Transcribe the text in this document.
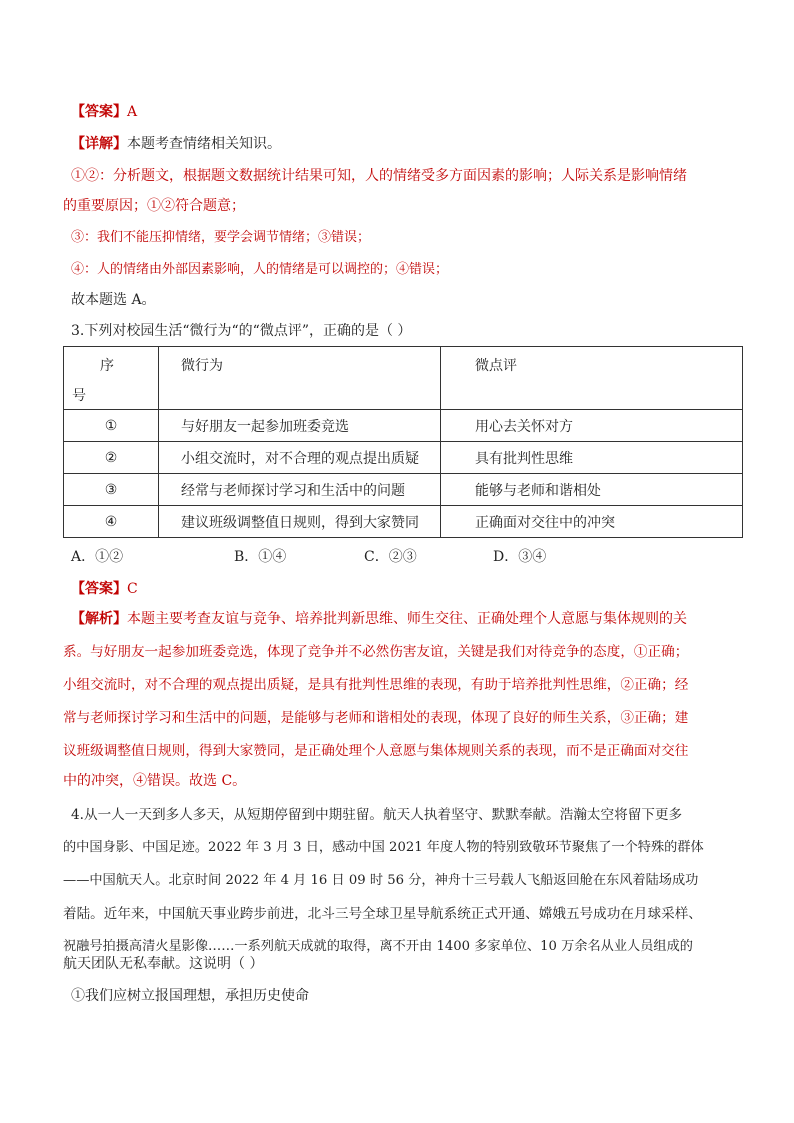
【答案】A
【详解】本题考查情绪相关知识。
①②：分析题文，根据题文数据统计结果可知，人的情绪受多方面因素的影响；人际关系是影响情绪
的重要原因；①②符合题意；
③：我们不能压抑情绪，要学会调节情绪；③错误；
④：人的情绪由外部因素影响，人的情绪是可以调控的；④错误；
故本题选 A。
3.下列对校园生活“微行为“的“微点评”，正确的是（ ）
序
号	微行为	微点评
①	与好朋友一起参加班委竞选	用心去关怀对方
②	小组交流时，对不合理的观点提出质疑	具有批判性思维
③	经常与老师探讨学习和生活中的问题	能够与老师和谐相处
④	建议班级调整值日规则，得到大家赞同	正确面对交往中的冲突
A．①②	B．①④	C．②③	D．③④
【答案】C
【解析】本题主要考查友谊与竞争、培养批判新思维、师生交往、正确处理个人意愿与集体规则的关
系。与好朋友一起参加班委竞选，体现了竞争并不必然伤害友谊，关键是我们对待竞争的态度，①正确；
小组交流时，对不合理的观点提出质疑，是具有批判性思维的表现，有助于培养批判性思维，②正确；经
常与老师探讨学习和生活中的问题，是能够与老师和谐相处的表现，体现了良好的师生关系，③正确；建
议班级调整值日规则，得到大家赞同，是正确处理个人意愿与集体规则关系的表现，而不是正确面对交往
中的冲突，④错误。故选 C。
4.从一人一天到多人多天，从短期停留到中期驻留。航天人执着坚守、默默奉献。浩瀚太空将留下更多
的中国身影、中国足迹。2022 年 3 月 3 日，感动中国 2021 年度人物的特别致敬环节聚焦了一个特殊的群体
——中国航天人。北京时间 2022 年 4 月 16 日 09 时 56 分，神舟十三号载人飞船返回舱在东风着陆场成功
着陆。近年来，中国航天事业跨步前进，北斗三号全球卫星导航系统正式开通、嫦娥五号成功在月球采样、
祝融号拍摄高清火星影像……一系列航天成就的取得，离不开由 1400 多家单位、10 万余名从业人员组成的
航天团队无私奉献。这说明（ ）
①我们应树立报国理想，承担历史使命
